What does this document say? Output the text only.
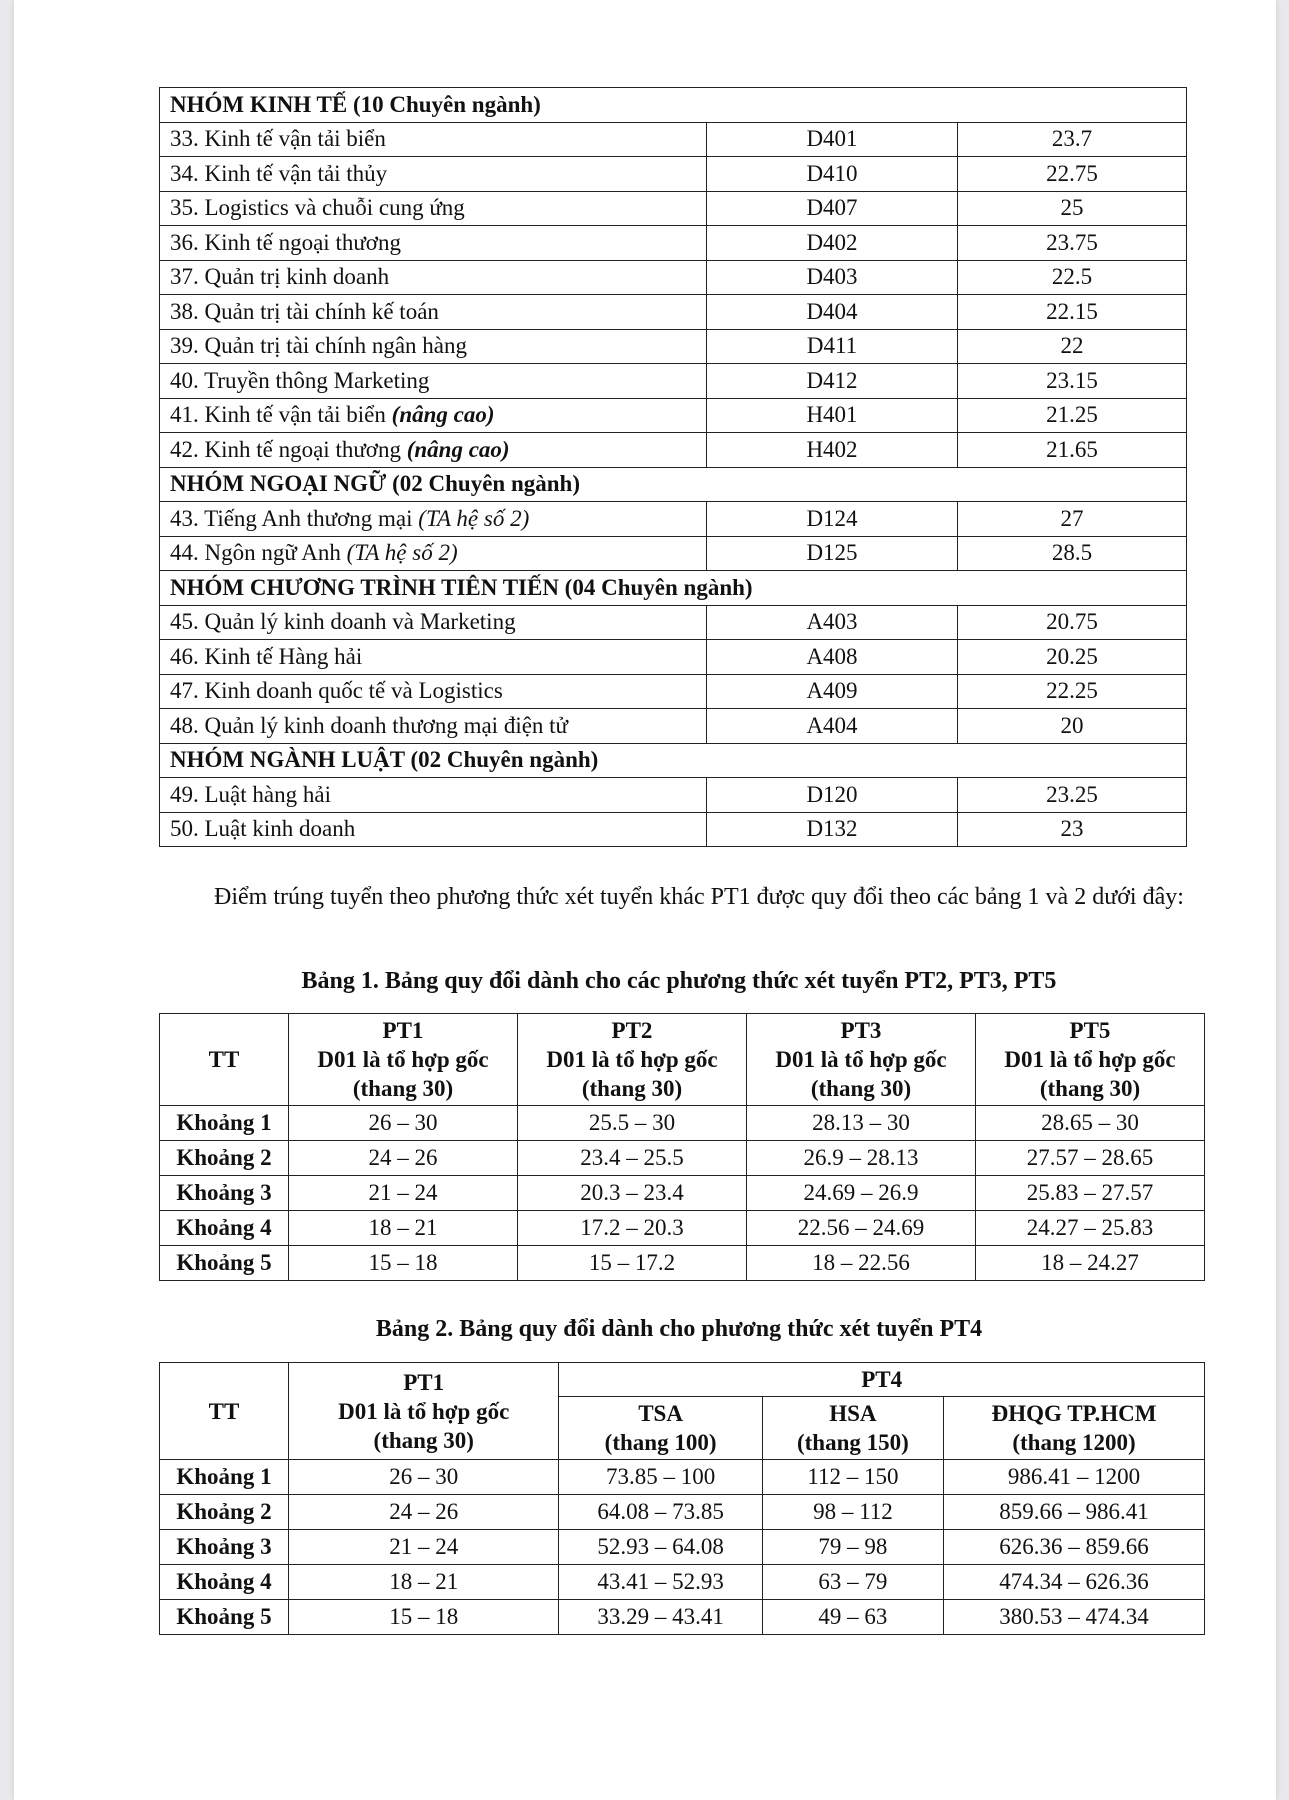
NHÓM KINH TẾ (10 Chuyên ngành)		
33. Kinh tế vận tải biển	D401	23.7
34. Kinh tế vận tải thủy	D410	22.75
35. Logistics và chuỗi cung ứng	D407	25
36. Kinh tế ngoại thương	D402	23.75
37. Quản trị kinh doanh	D403	22.5
38. Quản trị tài chính kế toán	D404	22.15
39. Quản trị tài chính ngân hàng	D411	22
40. Truyền thông Marketing	D412	23.15
41. Kinh tế vận tải biển (nâng cao)	H401	21.25
42. Kinh tế ngoại thương (nâng cao)	H402	21.65
NHÓM NGOẠI NGỮ (02 Chuyên ngành)		
43. Tiếng Anh thương mại (TA hệ số 2)	D124	27
44. Ngôn ngữ Anh (TA hệ số 2)	D125	28.5
NHÓM CHƯƠNG TRÌNH TIÊN TIẾN (04 Chuyên ngành)		
45. Quản lý kinh doanh và Marketing	A403	20.75
46. Kinh tế Hàng hải	A408	20.25
47. Kinh doanh quốc tế và Logistics	A409	22.25
48. Quản lý kinh doanh thương mại điện tử	A404	20
NHÓM NGÀNH LUẬT (02 Chuyên ngành)		
49. Luật hàng hải	D120	23.25
50. Luật kinh doanh	D132	23

Điểm trúng tuyển theo phương thức xét tuyển khác PT1 được quy đổi theo các bảng 1 và 2 dưới đây:

Bảng 1. Bảng quy đổi dành cho các phương thức xét tuyển PT2, PT3, PT5

TT	PT1
D01 là tổ hợp gốc
(thang 30)	PT2
D01 là tổ hợp gốc
(thang 30)	PT3
D01 là tổ hợp gốc
(thang 30)	PT5
D01 là tổ hợp gốc
(thang 30)

Khoảng 1	26 – 30	25.5 – 30	28.13 – 30	28.65 – 30
Khoảng 2	24 – 26	23.4 – 25.5	26.9 – 28.13	27.57 – 28.65
Khoảng 3	21 – 24	20.3 – 23.4	24.69 – 26.9	25.83 – 27.57
Khoảng 4	18 – 21	17.2 – 20.3	22.56 – 24.69	24.27 – 25.83
Khoảng 5	15 – 18	15 – 17.2	18 – 22.56	18 – 24.27

Bảng 2. Bảng quy đổi dành cho phương thức xét tuyển PT4

TT	PT1
D01 là tổ hợp gốc
(thang 30)	PT4		

		TSA
(thang 100)	HSA
(thang 150)	ĐHQG TP.HCM
(thang 1200)

Khoảng 1	26 – 30	73.85 – 100	112 – 150	986.41 – 1200
Khoảng 2	24 – 26	64.08 – 73.85	98 – 112	859.66 – 986.41
Khoảng 3	21 – 24	52.93 – 64.08	79 – 98	626.36 – 859.66
Khoảng 4	18 – 21	43.41 – 52.93	63 – 79	474.34 – 626.36
Khoảng 5	15 – 18	33.29 – 43.41	49 – 63	380.53 – 474.34
